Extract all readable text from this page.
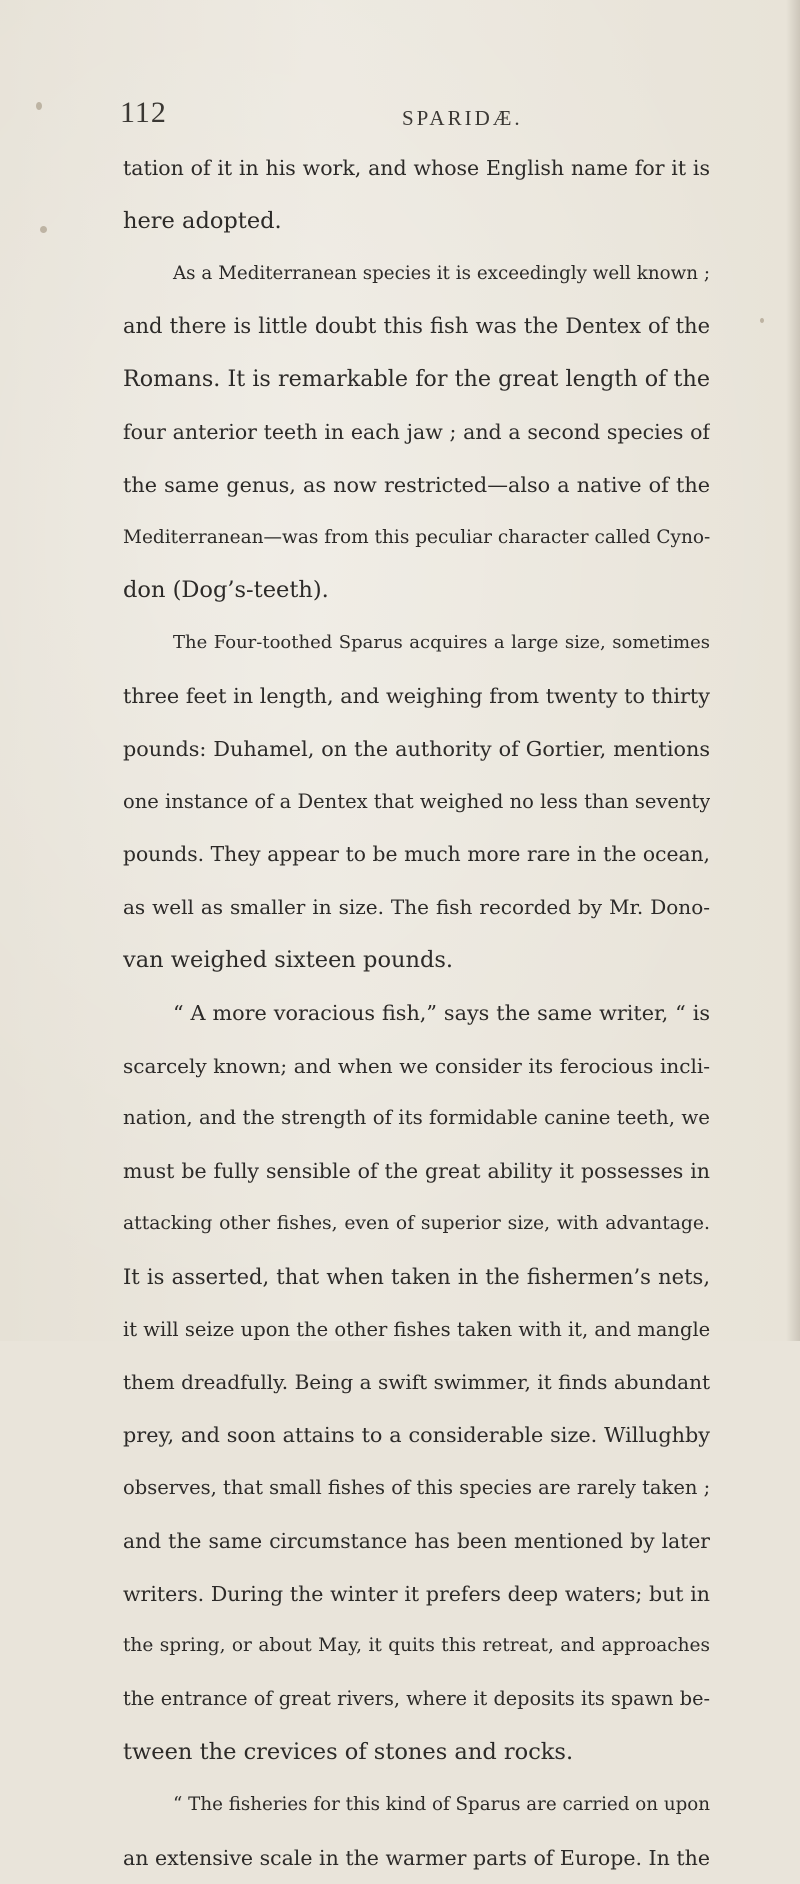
112	SPARIDÆ.
tation of it in his work, and whose English name for it is
here adopted.
As a Mediterranean species it is exceedingly well known ;
and there is little doubt this fish was the Dentex of the
Romans. It is remarkable for the great length of the
four anterior teeth in each jaw ; and a second species of
the same genus, as now restricted—also a native of the
Mediterranean—was from this peculiar character called Cyno-
don (Dog’s-teeth).
The Four-toothed Sparus acquires a large size, sometimes
three feet in length, and weighing from twenty to thirty
pounds: Duhamel, on the authority of Gortier, mentions
one instance of a Dentex that weighed no less than seventy
pounds. They appear to be much more rare in the ocean,
as well as smaller in size. The fish recorded by Mr. Dono-
van weighed sixteen pounds.
“ A more voracious fish,” says the same writer, “ is
scarcely known; and when we consider its ferocious incli-
nation, and the strength of its formidable canine teeth, we
must be fully sensible of the great ability it possesses in
attacking other fishes, even of superior size, with advantage.
It is asserted, that when taken in the fishermen’s nets,
it will seize upon the other fishes taken with it, and mangle
them dreadfully. Being a swift swimmer, it finds abundant
prey, and soon attains to a considerable size. Willughby
observes, that small fishes of this species are rarely taken ;
and the same circumstance has been mentioned by later
writers. During the winter it prefers deep waters; but in
the spring, or about May, it quits this retreat, and approaches
the entrance of great rivers, where it deposits its spawn be-
tween the crevices of stones and rocks.
“ The fisheries for this kind of Sparus are carried on upon
an extensive scale in the warmer parts of Europe. In the
